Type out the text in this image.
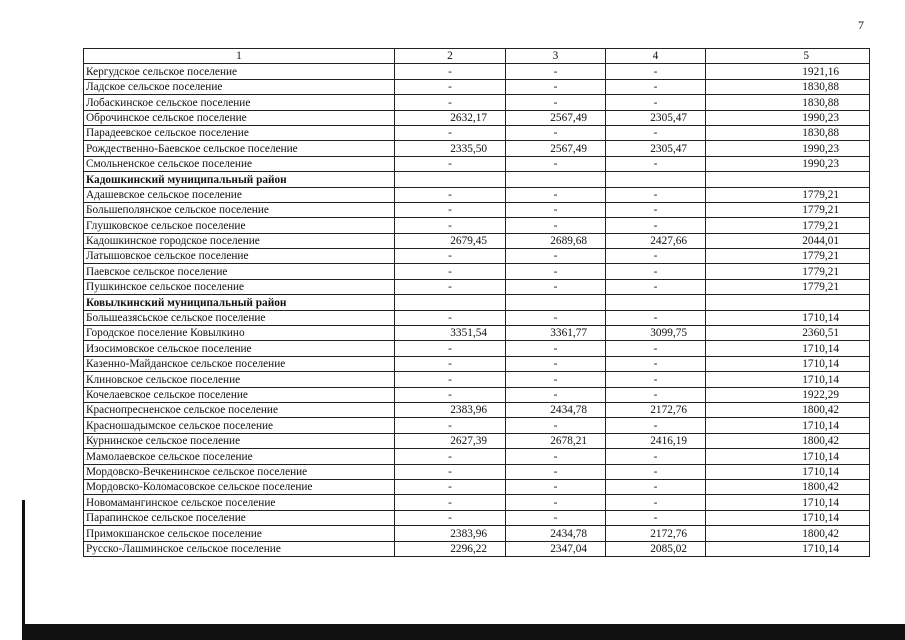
7
1	2	3	4	5
Кергудское сельское поселение	-	-	-	1921,16
Ладское сельское поселение	-	-	-	1830,88
Лобаскинское сельское поселение	-	-	-	1830,88
Оброчинское сельское поселение	2632,17	2567,49	2305,47	1990,23
Парадеевское сельское поселение	-	-	-	1830,88
Рождественно-Баевское сельское поселение	2335,50	2567,49	2305,47	1990,23
Смольненское сельское поселение	-	-	-	1990,23
Кадошкинский муниципальный район				
Адашевское сельское поселение	-	-	-	1779,21
Большеполянское сельское поселение	-	-	-	1779,21
Глушковское сельское поселение	-	-	-	1779,21
Кадошкинское городское поселение	2679,45	2689,68	2427,66	2044,01
Латышовское сельское поселение	-	-	-	1779,21
Паевское сельское поселение	-	-	-	1779,21
Пушкинское сельское поселение	-	-	-	1779,21
Ковылкинский муниципальный район				
Большеазясьское сельское поселение	-	-	-	1710,14
Городское поселение Ковылкино	3351,54	3361,77	3099,75	2360,51
Изосимовское сельское поселение	-	-	-	1710,14
Казенно-Майданское сельское поселение	-	-	-	1710,14
Клиновское сельское поселение	-	-	-	1710,14
Кочелаевское сельское поселение	-	-	-	1922,29
Краснопресненское сельское поселение	2383,96	2434,78	2172,76	1800,42
Красношадымское сельское поселение	-	-	-	1710,14
Курнинское сельское поселение	2627,39	2678,21	2416,19	1800,42
Мамолаевское сельское поселение	-	-	-	1710,14
Мордовско-Вечкенинское сельское поселение	-	-	-	1710,14
Мордовско-Коломасовское сельское поселение	-	-	-	1800,42
Новомамангинское сельское поселение	-	-	-	1710,14
Парапинское сельское поселение	-	-	-	1710,14
Примокшанское сельское поселение	2383,96	2434,78	2172,76	1800,42
Русско-Лашминское сельское поселение	2296,22	2347,04	2085,02	1710,14
